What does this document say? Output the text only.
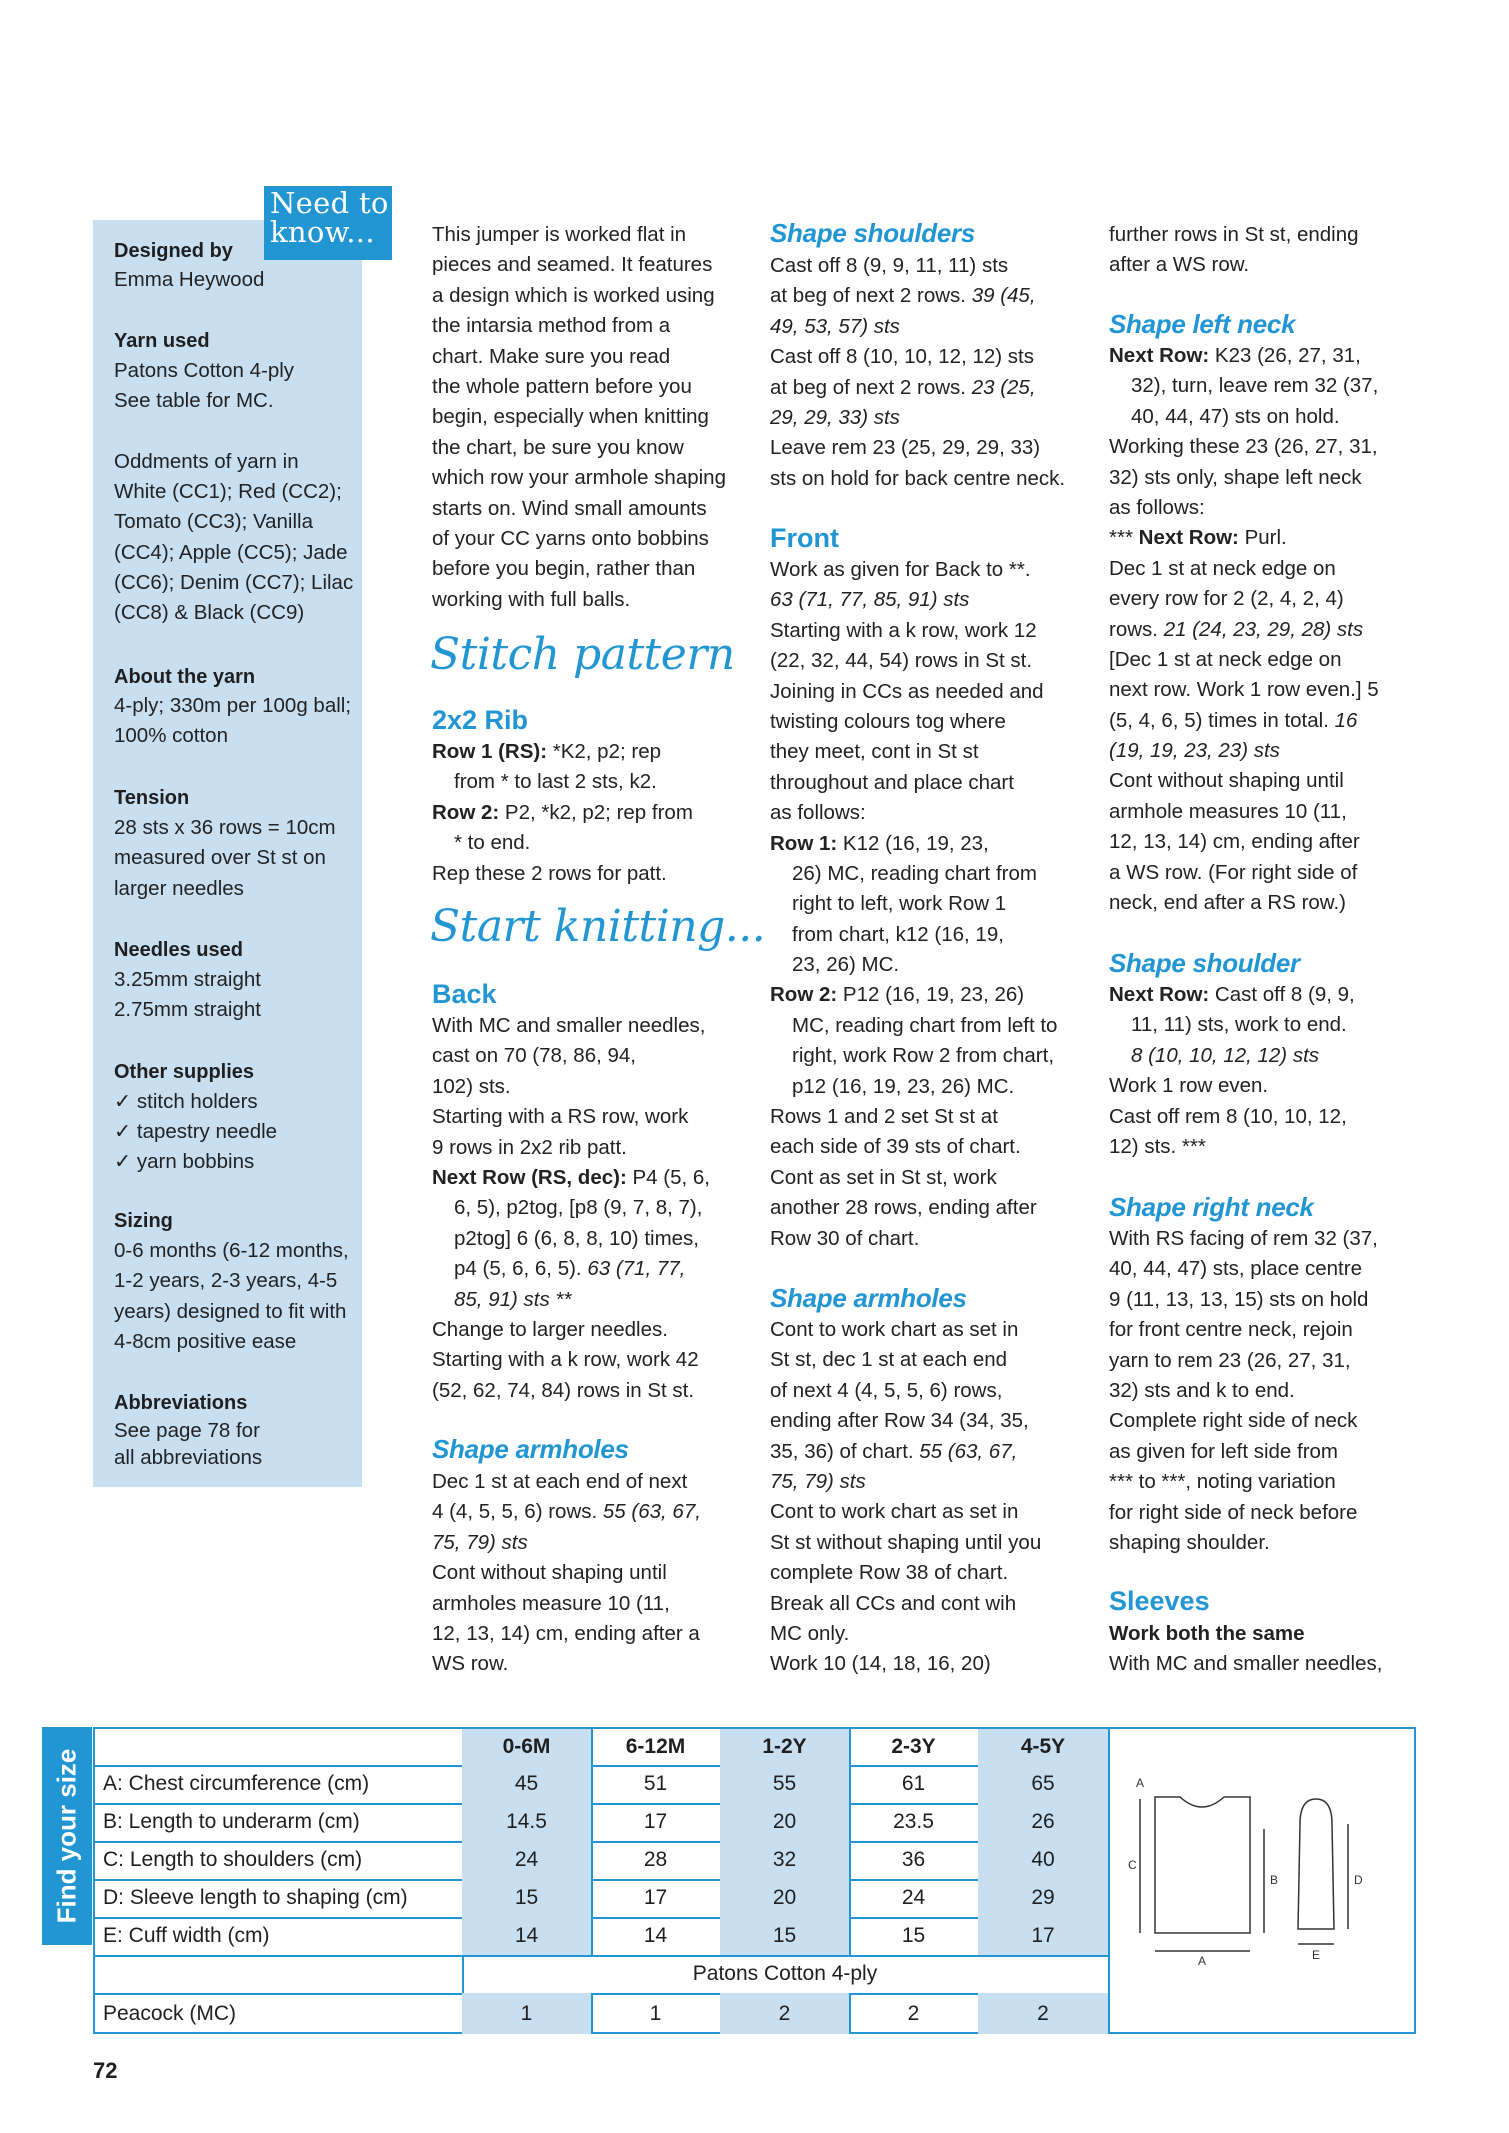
Need to
know...
Designed by
Emma Heywood
Yarn used
Patons Cotton 4-ply
See table for MC.
Oddments of yarn in
White (CC1); Red (CC2);
Tomato (CC3); Vanilla
(CC4); Apple (CC5); Jade
(CC6); Denim (CC7); Lilac
(CC8) & Black (CC9)
About the yarn
4-ply; 330m per 100g ball;
100% cotton
Tension
28 sts x 36 rows = 10cm
measured over St st on
larger needles
Needles used
3.25mm straight
2.75mm straight
Other supplies
✓ stitch holders
✓ tapestry needle
✓ yarn bobbins
Sizing
0-6 months (6-12 months,
1-2 years, 2-3 years, 4-5
years) designed to fit with
4-8cm positive ease
Abbreviations
See page 78 for
all abbreviations
This jumper is worked flat in
pieces and seamed. It features
a design which is worked using
the intarsia method from a
chart. Make sure you read
the whole pattern before you
begin, especially when knitting
the chart, be sure you know
which row your armhole shaping
starts on. Wind small amounts
of your CC yarns onto bobbins
before you begin, rather than
working with full balls.
Stitch pattern
2x2 Rib
Row 1 (RS): *K2, p2; rep
from * to last 2 sts, k2.
Row 2: P2, *k2, p2; rep from
* to end.
Rep these 2 rows for patt.
Start knitting...
Back
With MC and smaller needles,
cast on 70 (78, 86, 94,
102) sts.
Starting with a RS row, work
9 rows in 2x2 rib patt.
Next Row (RS, dec): P4 (5, 6,
6, 5), p2tog, [p8 (9, 7, 8, 7),
p2tog] 6 (6, 8, 8, 10) times,
p4 (5, 6, 6, 5). 63 (71, 77,
85, 91) sts **
Change to larger needles.
Starting with a k row, work 42
(52, 62, 74, 84) rows in St st.
Shape armholes
Dec 1 st at each end of next
4 (4, 5, 5, 6) rows. 55 (63, 67,
75, 79) sts
Cont without shaping until
armholes measure 10 (11,
12, 13, 14) cm, ending after a
WS row.
Shape shoulders
Cast off 8 (9, 9, 11, 11) sts
at beg of next 2 rows. 39 (45,
49, 53, 57) sts
Cast off 8 (10, 10, 12, 12) sts
at beg of next 2 rows. 23 (25,
29, 29, 33) sts
Leave rem 23 (25, 29, 29, 33)
sts on hold for back centre neck.
Front
Work as given for Back to **.
63 (71, 77, 85, 91) sts
Starting with a k row, work 12
(22, 32, 44, 54) rows in St st.
Joining in CCs as needed and
twisting colours tog where
they meet, cont in St st
throughout and place chart
as follows:
Row 1: K12 (16, 19, 23,
26) MC, reading chart from
right to left, work Row 1
from chart, k12 (16, 19,
23, 26) MC.
Row 2: P12 (16, 19, 23, 26)
MC, reading chart from left to
right, work Row 2 from chart,
p12 (16, 19, 23, 26) MC.
Rows 1 and 2 set St st at
each side of 39 sts of chart.
Cont as set in St st, work
another 28 rows, ending after
Row 30 of chart.
Shape armholes
Cont to work chart as set in
St st, dec 1 st at each end
of next 4 (4, 5, 5, 6) rows,
ending after Row 34 (34, 35,
35, 36) of chart. 55 (63, 67,
75, 79) sts
Cont to work chart as set in
St st without shaping until you
complete Row 38 of chart.
Break all CCs and cont wih
MC only.
Work 10 (14, 18, 16, 20)
further rows in St st, ending
after a WS row.
Shape left neck
Next Row: K23 (26, 27, 31,
32), turn, leave rem 32 (37,
40, 44, 47) sts on hold.
Working these 23 (26, 27, 31,
32) sts only, shape left neck
as follows:
*** Next Row: Purl.
Dec 1 st at neck edge on
every row for 2 (2, 4, 2, 4)
rows. 21 (24, 23, 29, 28) sts
[Dec 1 st at neck edge on
next row. Work 1 row even.] 5
(5, 4, 6, 5) times in total. 16
(19, 19, 23, 23) sts
Cont without shaping until
armhole measures 10 (11,
12, 13, 14) cm, ending after
a WS row. (For right side of
neck, end after a RS row.)
Shape shoulder
Next Row: Cast off 8 (9, 9,
11, 11) sts, work to end.
8 (10, 10, 12, 12) sts
Work 1 row even.
Cast off rem 8 (10, 10, 12,
12) sts. ***
Shape right neck
With RS facing of rem 32 (37,
40, 44, 47) sts, place centre
9 (11, 13, 13, 15) sts on hold
for front centre neck, rejoin
yarn to rem 23 (26, 27, 31,
32) sts and k to end.
Complete right side of neck
as given for left side from
*** to ***, noting variation
for right side of neck before
shaping shoulder.
Sleeves
Work both the same
With MC and smaller needles,
Find your size
0-6M	6-12M	1-2Y	2-3Y	4-5Y
A: Chest circumference (cm)	45	51	55	61	65
B: Length to underarm (cm)	14.5	17	20	23.5	26
C: Length to shoulders (cm)	24	28	32	36	40
D: Sleeve length to shaping (cm)	15	17	20	24	29
E: Cuff width (cm)	14	14	15	15	17
Patons Cotton 4-ply
Peacock (MC)	1	1	2	2	2
A
C
B	D
A	E
72
